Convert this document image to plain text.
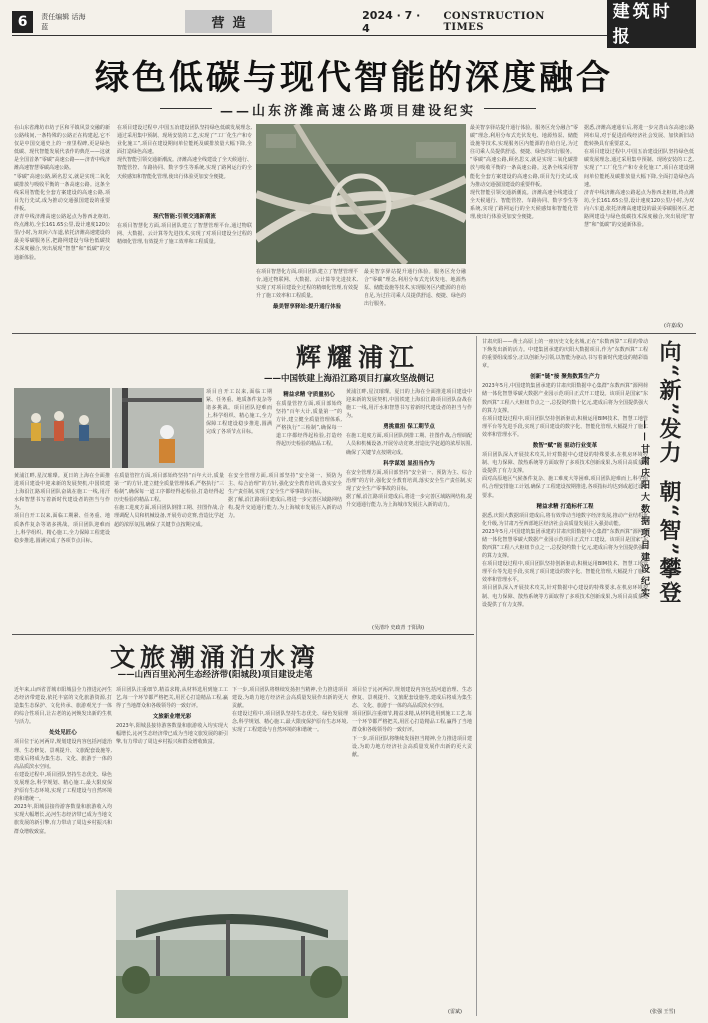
6	责任编辑 话海蓝	营造
2024 · 7 · 4
CONSTRUCTION TIMES
建筑时报
绿色低碳与现代智能的深度融合
——山东济潍高速公路项目建设纪实

在山东省潍坊市坊子区和平镇风景交融的新公路线间,一条特殊的公路正在构建起,它不仅是中国交通史上的一座里程碑,更是绿色低碳、现代智能发展代表作的典范——这就是全国首条“零碳”高速公路——济青中线济潍高速智慧零碳高速公路。

“零碳”高速公路,顾名思义,就是实现二氧化碳排放与吸收平衡的一条高速公路。这条全线采用智能化全套方案建设的高速公路,项目先行先试,成为推动交通强国建设的重要样板。

济青中线济潍高速公路起点为鲁西北枢纽,终点潍坊,全长161.65公里,设计速度120公里/小时,为双向六车道,依托济潍高速建设的最美零碳服务区,把路网建设与绿色低碳技术深度融合,突出展现“智慧”和“低碳”的交通新体验。

在项目建设过程中,中国五冶建设团队坚持绿色低碳发展理念,通过采用集中预制、现场安装的工艺,实现了“工厂化生产和专业化施工”,项目在建设期间单位能耗及碳排放量大幅下降,全面打造绿色高速。

现代智能引领交通新潮流。济潍高速全线建设了全天候通行、智能管控、车路协同、数字孪生等系统,实现了路网运行的全天候感知和智能化管理,使出行体验更加安全便捷。

现代智能:引领交通新潮流

在项目智慧化方面,项目团队建立了智慧管理平台,通过物联网、大数据、云计算等先进技术,实现了对项目建设全过程的精细化管理,有效提升了施工效率和工程质量。

在项目智慧化方面,项目团队建立了智慧管理平台,通过物联网、大数据、云计算等先进技术,实现了对项目建设全过程的精细化管理,有效提升了施工效率和工程质量。

最美智享驿站:提升通行体验

最美智享驿站提升通行体验。服务区充分融合“零碳”理念,利用分布式光伏发电、地源热泵、储能设施等技术,实现服务区内能源的自给自足,为过往司乘人员提供舒适、便捷、绿色的出行服务。

最美智享驿站提升通行体验。服务区充分融合“零碳”理念,利用分布式光伏发电、地源热泵、储能设施等技术,实现服务区内能源的自给自足,为过往司乘人员提供舒适、便捷、绿色的出行服务。

“零碳”高速公路,顾名思义,就是实现二氧化碳排放与吸收平衡的一条高速公路。这条全线采用智能化全套方案建设的高速公路,项目先行先试,成为推动交通强国建设的重要样板。

现代智能引领交通新潮流。济潍高速全线建设了全天候通行、智能管控、车路协同、数字孪生等系统,实现了路网运行的全天候感知和智能化管理,使出行体验更加安全便捷。

据悉,济潍高速通车后,将进一步完善山东高速公路网布局,对于促进沿线经济社会发展、加快新旧动能转换具有重要意义。

在项目建设过程中,中国五冶建设团队坚持绿色低碳发展理念,通过采用集中预制、现场安装的工艺,实现了“工厂化生产和专业化施工”,项目在建设期间单位能耗及碳排放量大幅下降,全面打造绿色高速。

济青中线济潍高速公路起点为鲁西北枢纽,终点潍坊,全长161.65公里,设计速度120公里/小时,为双向六车道,依托济潍高速建设的最美零碳服务区,把路网建设与绿色低碳技术深度融合,突出展现“智慧”和“低碳”的交通新体验。

(许嘉成)
辉耀浦江
——中国铁建上海沿江路项目打赢攻坚战侧记

项目自开工以来,面临工期紧、任务重、地质条件复杂等诸多挑战。项目团队迎难而上,科学组织、精心施工,全力保障工程建设稳步推进,圆满完成了各项节点目标。

精益求精 守质量初心

在质量管控方面,项目部始终坚持“百年大计,质量第一”的方针,建立健全质量管理体系,严格执行“三检制”,确保每一道工序都经得起检验,打造经得起历史检验的精品工程。

黄浦江畔,星汉璀璨。夏日的上海在全面推进项目建设中迎来新的发展契机,中国铁建上海沿江路项目团队奋战在施工一线,用汗水和智慧书写着新时代建设者的担当与作为。

勇挑重担 保工期节点

在施工进度方面,项目团队倒排工期、挂图作战,合理调配人员和机械设备,开展劳动竞赛,营造比学赶超的浓厚氛围,确保了关键节点按期完成。

科学谋划 显担当作为

在安全管理方面,项目部坚持“安全第一、预防为主、综合治理”的方针,强化安全教育培训,落实安全生产责任制,实现了安全生产零事故的目标。

据了解,沿江路项目建成后,将进一步完善区域路网结构,提升交通通行能力,为上海城市发展注入新的动力。

黄浦江畔,星汉璀璨。夏日的上海在全面推进项目建设中迎来新的发展契机,中国铁建上海沿江路项目团队奋战在施工一线,用汗水和智慧书写着新时代建设者的担当与作为。

项目自开工以来,面临工期紧、任务重、地质条件复杂等诸多挑战。项目团队迎难而上,科学组织、精心施工,全力保障工程建设稳步推进,圆满完成了各项节点目标。

在质量管控方面,项目部始终坚持“百年大计,质量第一”的方针,建立健全质量管理体系,严格执行“三检制”,确保每一道工序都经得起检验,打造经得起历史检验的精品工程。

在施工进度方面,项目团队倒排工期、挂图作战,合理调配人员和机械设备,开展劳动竞赛,营造比学赶超的浓厚氛围,确保了关键节点按期完成。

在安全管理方面,项目部坚持“安全第一、预防为主、综合治理”的方针,强化安全教育培训,落实安全生产责任制,实现了安全生产零事故的目标。

据了解,沿江路项目建成后,将进一步完善区域路网结构,提升交通通行能力,为上海城市发展注入新的动力。

(吴清玲 史政青 于阳海)
文旅潮涌泊水湾
——山西百里沁河生态经济带(阳城段)项目建设走笔

近年来,山西省晋城市阳城县全力推进沁河生态经济带建设,依托丰富的文化旅游资源,打造集生态保护、文化传承、旅游观光于一体的综合性项目,让古老的沁河焕发出新的生机与活力。

处处见匠心

项目位于沁河两岸,规划建设内容包括河道治理、生态修复、景观提升、文旅配套设施等,建成后将成为集生态、文化、旅游于一体的高品质滨水空间。

在建设过程中,项目团队坚持生态优先、绿色发展理念,科学规划、精心施工,最大限度保护原有生态环境,实现了工程建设与自然环境的和谐统一。

2023年,阳城县接待游客数量和旅游收入均实现大幅增长,沁河生态经济带已成为当地文旅发展的新引擎,有力带动了周边乡村振兴和群众增收致富。

项目团队注重细节,精益求精,从材料选用到施工工艺,每一个环节都严格把关,用匠心打造精品工程,赢得了当地群众和各级领导的一致好评。

文旅新业增光彩

2023年,阳城县接待游客数量和旅游收入均实现大幅增长,沁河生态经济带已成为当地文旅发展的新引擎,有力带动了周边乡村振兴和群众增收致富。

下一步,项目团队将继续发扬担当精神,全力推进项目建设,为助力地方经济社会高质量发展作出新的更大贡献。

在建设过程中,项目团队坚持生态优先、绿色发展理念,科学规划、精心施工,最大限度保护原有生态环境,实现了工程建设与自然环境的和谐统一。

项目位于沁河两岸,规划建设内容包括河道治理、生态修复、景观提升、文旅配套设施等,建成后将成为集生态、文化、旅游于一体的高品质滨水空间。

项目团队注重细节,精益求精,从材料选用到施工工艺,每一个环节都严格把关,用匠心打造精品工程,赢得了当地群众和各级领导的一致好评。

下一步,项目团队将继续发扬担当精神,全力推进项目建设,为助力地方经济社会高质量发展作出新的更大贡献。

(雷斌)

甘肃庆阳——黄土高原上的一座历史文化名城,正在“东数西算”工程的带动下焕发出新的活力。中建集团承建的庆阳大数据项目,作为“东数西算”工程的重要组成部分,正以创新为引领,以智能为驱动,书写着新时代建设的精彩篇章。

创新“链”接 聚焦数算生产力

2023年5月,中国建筑集团承建的甘肃庆阳数据中心集群“东数西算”源网荷储一体化智慧零碳大数据产业园示范项目正式开工建设。该项目是国家“东数西算”工程八大枢纽节点之一,总投资约数十亿元,建成后将为全国提供强大的算力支撑。

在项目建设过程中,项目团队坚持创新驱动,积极运用BIM技术、智慧工地管理平台等先进手段,实现了项目建设的数字化、智能化管理,大幅提升了施工效率和管理水平。

数智“赋”能 驱动行业变革

项目团队深入开展技术攻关,针对数据中心建设的特殊要求,在机房环境控制、电力保障、散热系统等方面取得了多项技术创新成果,为项目高质量建设提供了有力支撑。

面对高原地区气候条件复杂、施工难度大等困难,项目团队迎难而上,科学组织,合理安排施工计划,确保了工程建设按期推进,各项指标均达到或超过设计要求。

精益求精 打造标杆工程

据悉,庆阳大数据项目建成后,将有效带动当地数字经济发展,推动产业结构优化升级,为甘肃乃至西部地区经济社会高质量发展注入强劲动能。

2023年5月,中国建筑集团承建的甘肃庆阳数据中心集群“东数西算”源网荷储一体化智慧零碳大数据产业园示范项目正式开工建设。该项目是国家“东数西算”工程八大枢纽节点之一,总投资约数十亿元,建成后将为全国提供强大的算力支撑。

在项目建设过程中,项目团队坚持创新驱动,积极运用BIM技术、智慧工地管理平台等先进手段,实现了项目建设的数字化、智能化管理,大幅提升了施工效率和管理水平。

项目团队深入开展技术攻关,针对数据中心建设的特殊要求,在机房环境控制、电力保障、散热系统等方面取得了多项技术创新成果,为项目高质量建设提供了有力支撑。

向“新”发力
朝“智”攀登
——甘肃庆阳大数据项目建设纪实
(张强 王雪)
